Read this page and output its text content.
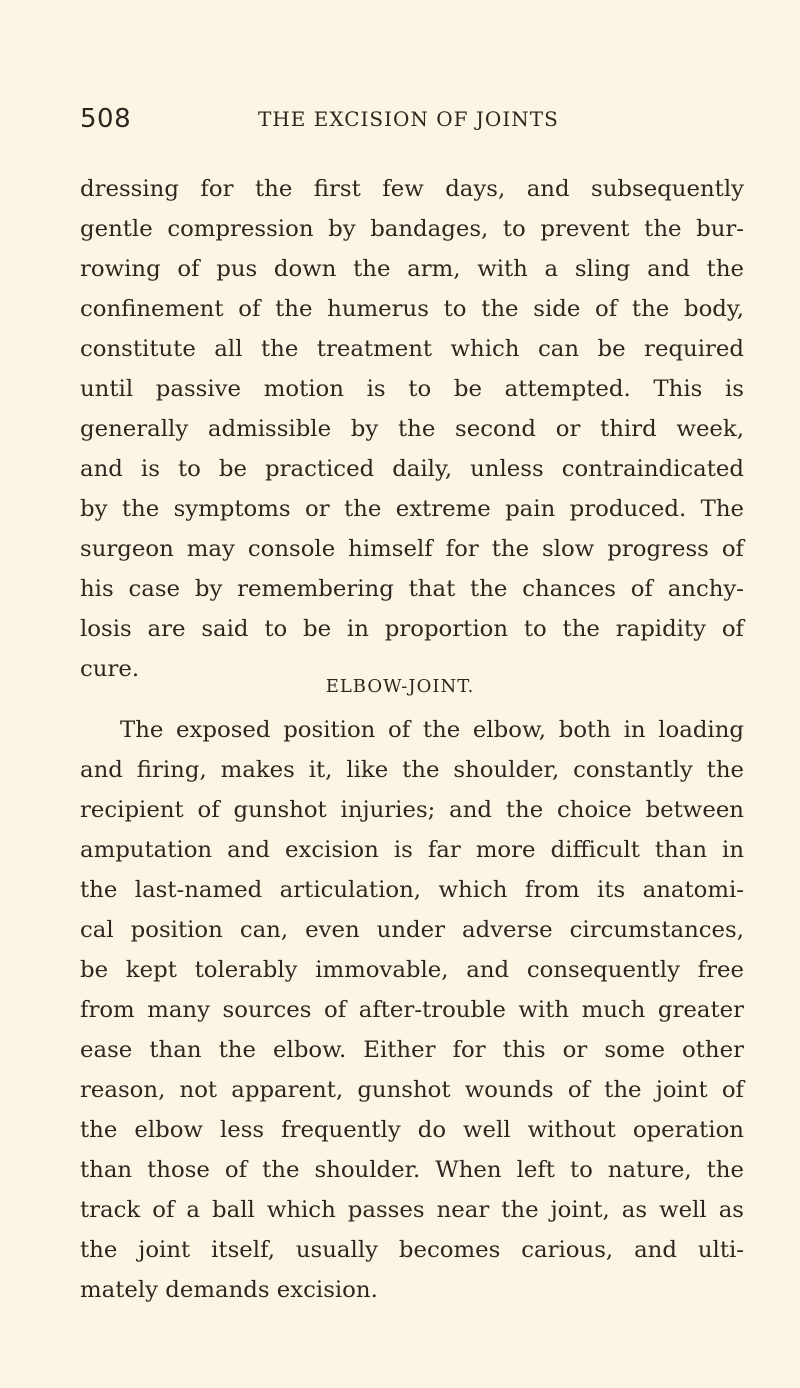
508	THE EXCISION OF JOINTS
dressing for the first few days, and subsequently
gentle compression by bandages, to prevent the bur-
rowing of pus down the arm, with a sling and the
confinement of the humerus to the side of the body,
constitute all the treatment which can be required
until passive motion is to be attempted. This is
generally admissible by the second or third week,
and is to be practiced daily, unless contraindicated
by the symptoms or the extreme pain produced. The
surgeon may console himself for the slow progress of
his case by remembering that the chances of anchy-
losis are said to be in proportion to the rapidity of
cure.
ELBOW-JOINT.
The exposed position of the elbow, both in loading
and firing, makes it, like the shoulder, constantly the
recipient of gunshot injuries; and the choice between
amputation and excision is far more difficult than in
the last-named articulation, which from its anatomi-
cal position can, even under adverse circumstances,
be kept tolerably immovable, and consequently free
from many sources of after-trouble with much greater
ease than the elbow. Either for this or some other
reason, not apparent, gunshot wounds of the joint of
the elbow less frequently do well without operation
than those of the shoulder. When left to nature, the
track of a ball which passes near the joint, as well as
the joint itself, usually becomes carious, and ulti-
mately demands excision.
